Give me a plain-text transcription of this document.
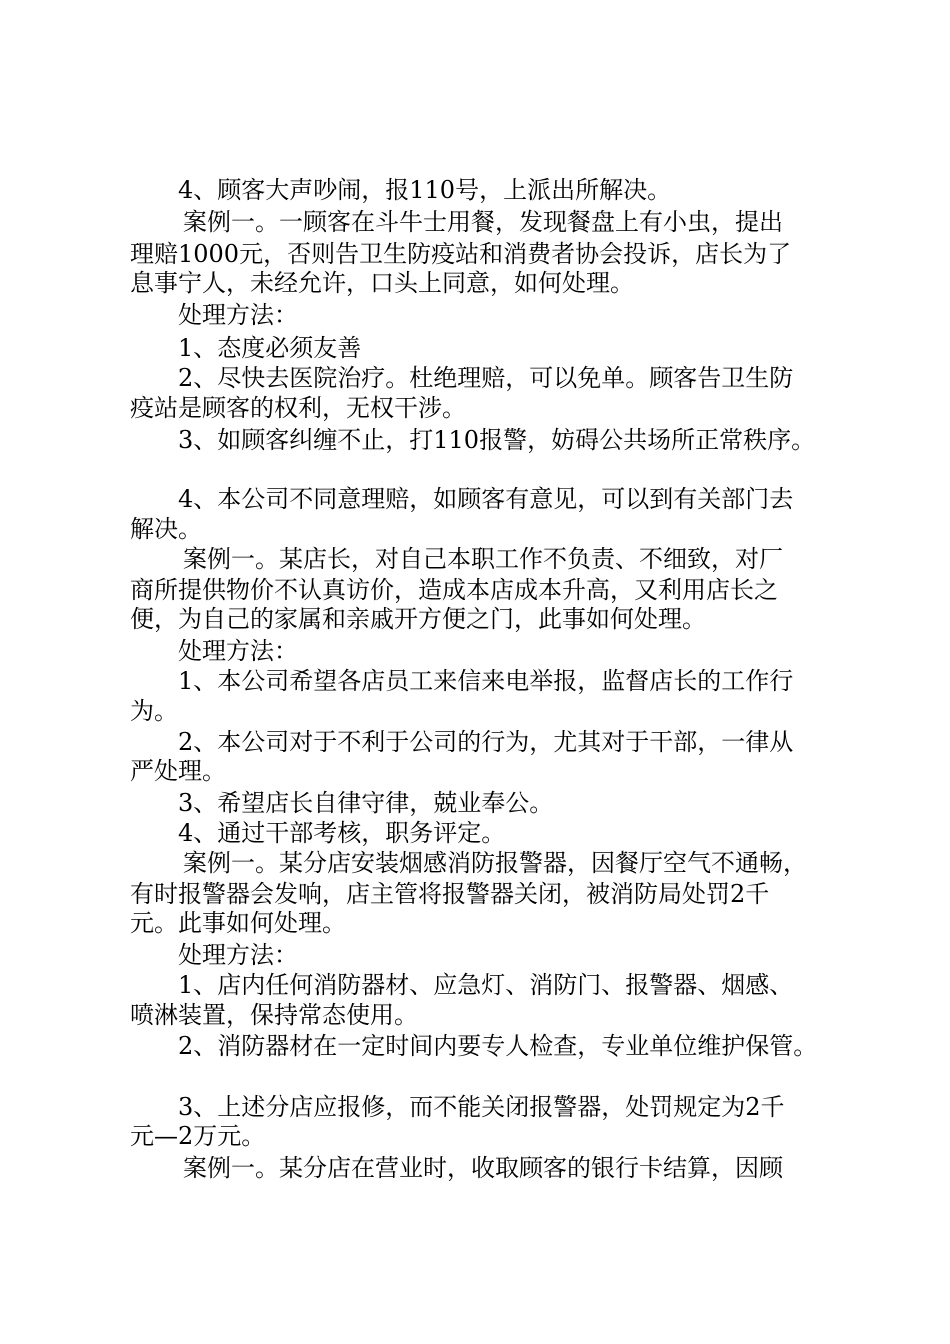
4、顾客大声吵闹，报110号，上派出所解决。

案例一。一顾客在斗牛士用餐，发现餐盘上有小虫，提出

理赔1000元，否则告卫生防疫站和消费者协会投诉，店长为了

息事宁人，未经允许，口头上同意，如何处理。

处理方法：

1、态度必须友善

2、尽快去医院治疗。杜绝理赔，可以免单。顾客告卫生防

疫站是顾客的权利，无权干涉。

3、如顾客纠缠不止，打110报警，妨碍公共场所正常秩序。

4、本公司不同意理赔，如顾客有意见，可以到有关部门去

解决。

案例一。某店长，对自己本职工作不负责、不细致，对厂

商所提供物价不认真访价，造成本店成本升高，又利用店长之

便，为自己的家属和亲戚开方便之门，此事如何处理。

处理方法：

1、本公司希望各店员工来信来电举报，监督店长的工作行

为。

2、本公司对于不利于公司的行为，尤其对于干部，一律从

严处理。

3、希望店长自律守律，兢业奉公。

4、通过干部考核，职务评定。

案例一。某分店安装烟感消防报警器，因餐厅空气不通畅，

有时报警器会发响，店主管将报警器关闭，被消防局处罚2千

元。此事如何处理。

处理方法：

1、店内任何消防器材、应急灯、消防门、报警器、烟感、

喷淋装置，保持常态使用。

2、消防器材在一定时间内要专人检查，专业单位维护保管。

3、上述分店应报修，而不能关闭报警器，处罚规定为2千

元—2万元。

案例一。某分店在营业时，收取顾客的银行卡结算，因顾
